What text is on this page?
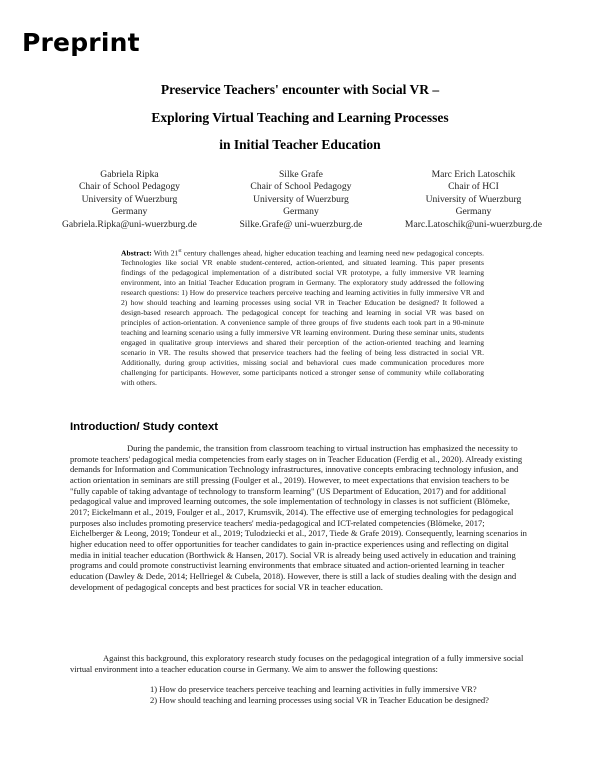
Preprint
Preservice Teachers' encounter with Social VR –
Exploring Virtual Teaching and Learning Processes
in Initial Teacher Education
Gabriela Ripka
Chair of School Pedagogy
University of Wuerzburg
Germany
Gabriela.Ripka@uni-wuerzburg.de
Silke Grafe
Chair of School Pedagogy
University of Wuerzburg
Germany
Silke.Grafe@ uni-wuerzburg.de
Marc Erich Latoschik
Chair of HCI
University of Wuerzburg
Germany
Marc.Latoschik@uni-wuerzburg.de
Abstract: With 21st century challenges ahead, higher education teaching and learning need new pedagogical concepts. Technologies like social VR enable student-centered, action-oriented, and situated learning. This paper presents findings of the pedagogical implementation of a distributed social VR prototype, a fully immersive VR learning environment, into an Initial Teacher Education program in Germany. The exploratory study addressed the following research questions: 1) How do preservice teachers perceive teaching and learning activities in fully immersive VR and 2) how should teaching and learning processes using social VR in Teacher Education be designed? It followed a design-based research approach. The pedagogical concept for teaching and learning in social VR was based on principles of action-orientation. A convenience sample of three groups of five students each took part in a 90-minute teaching and learning scenario using a fully immersive VR learning environment. During these seminar units, students engaged in qualitative group interviews and shared their perception of the action-oriented teaching and learning scenario in VR. The results showed that preservice teachers had the feeling of being less distracted in social VR. Additionally, during group activities, missing social and behavioral cues made communication procedures more challenging for participants. However, some participants noticed a stronger sense of community while collaborating with others.
Introduction/ Study context
During the pandemic, the transition from classroom teaching to virtual instruction has emphasized the necessity to promote teachers' pedagogical media competencies from early stages on in Teacher Education (Ferdig et al., 2020). Already existing demands for Information and Communication Technology infrastructures, innovative concepts embracing technology infusion, and action orientation in seminars are still pressing (Foulger et al., 2019). However, to meet expectations that envision teachers to be "fully capable of taking advantage of technology to transform learning" (US Department of Education, 2017) and for additional pedagogical value and improved learning outcomes, the sole implementation of technology in classes is not sufficient (Blömeke, 2017; Eickelmann et al., 2019, Foulger et al., 2017, Krumsvik, 2014). The effective use of emerging technologies for pedagogical purposes also includes promoting preservice teachers' media-pedagogical and ICT-related competencies (Blömeke, 2017; Eichelberger & Leong, 2019; Tondeur et al., 2019; Tulodziecki et al., 2017, Tiede & Grafe 2019). Consequently, learning scenarios in higher education need to offer opportunities for teacher candidates to gain in-practice experiences using and reflecting on digital media in initial teacher education (Borthwick & Hansen, 2017). Social VR is already being used actively in education and training programs and could promote constructivist learning environments that embrace situated and action-oriented learning in teacher education (Dawley & Dede, 2014; Hellriegel & Cubela, 2018). However, there is still a lack of studies dealing with the design and development of pedagogical concepts and best practices for social VR in teacher education.
Against this background, this exploratory research study focuses on the pedagogical integration of a fully immersive social virtual environment into a teacher education course in Germany. We aim to answer the following questions:
1) How do preservice teachers perceive teaching and learning activities in fully immersive VR?
2) How should teaching and learning processes using social VR in Teacher Education be designed?
